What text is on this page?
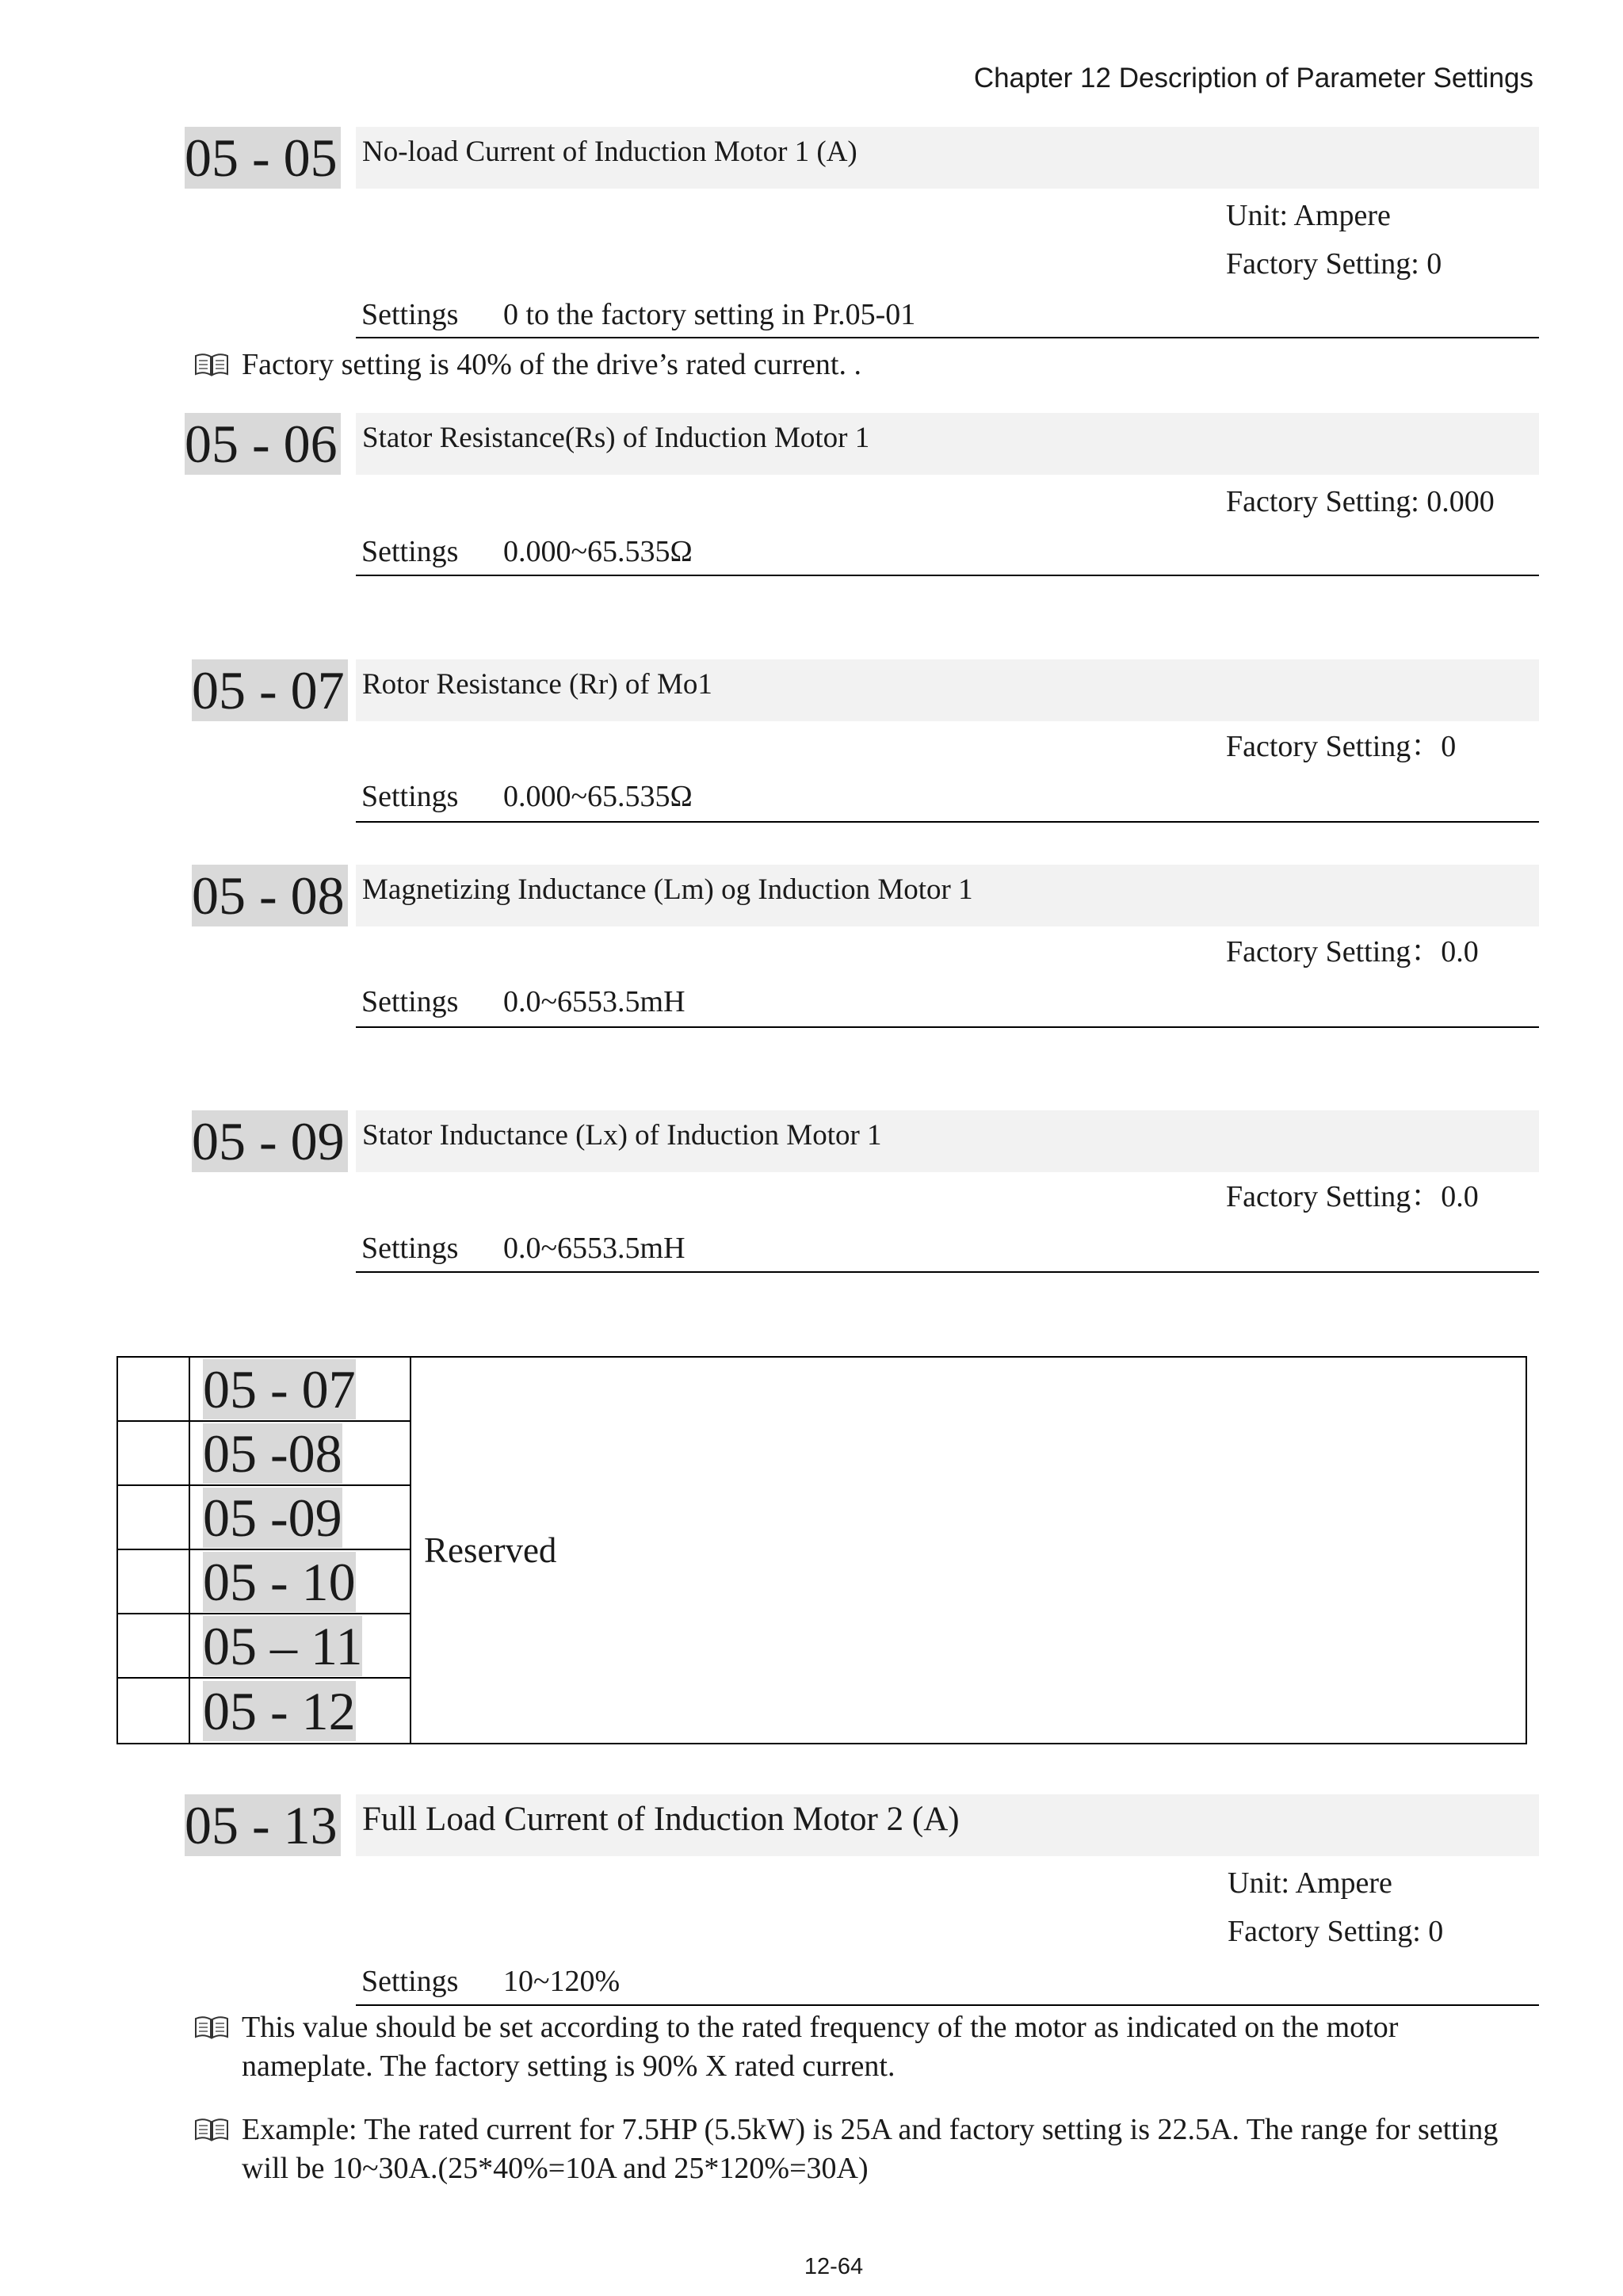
Chapter 12 Description of Parameter Settings
05 - 05 No-load Current of Induction Motor 1 (A)
Unit: Ampere
Factory Setting: 0
Settings 0 to the factory setting in Pr.05-01
Factory setting is 40% of the drive’s rated current. .
05 - 06 Stator Resistance(Rs) of Induction Motor 1
Factory Setting: 0.000
Settings 0.000~65.535Ω
05 - 07 Rotor Resistance (Rr) of Mo1
Factory Setting：0
Settings 0.000~65.535Ω
05 - 08 Magnetizing Inductance (Lm) og Induction Motor 1
Factory Setting：0.0
Settings 0.0~6553.5mH
05 - 09 Stator Inductance (Lx) of Induction Motor 1
Factory Setting：0.0
Settings 0.0~6553.5mH
05 - 07
05 -08
05 -09
05 - 10
05 – 11
05 - 12
Reserved
05 - 13 Full Load Current of Induction Motor 2 (A)
Unit: Ampere
Factory Setting: 0
Settings 10~120%
This value should be set according to the rated frequency of the motor as indicated on the motor
nameplate. The factory setting is 90% X rated current.
Example: The rated current for 7.5HP (5.5kW) is 25A and factory setting is 22.5A. The range for setting
will be 10~30A.(25*40%=10A and 25*120%=30A)
12-64
